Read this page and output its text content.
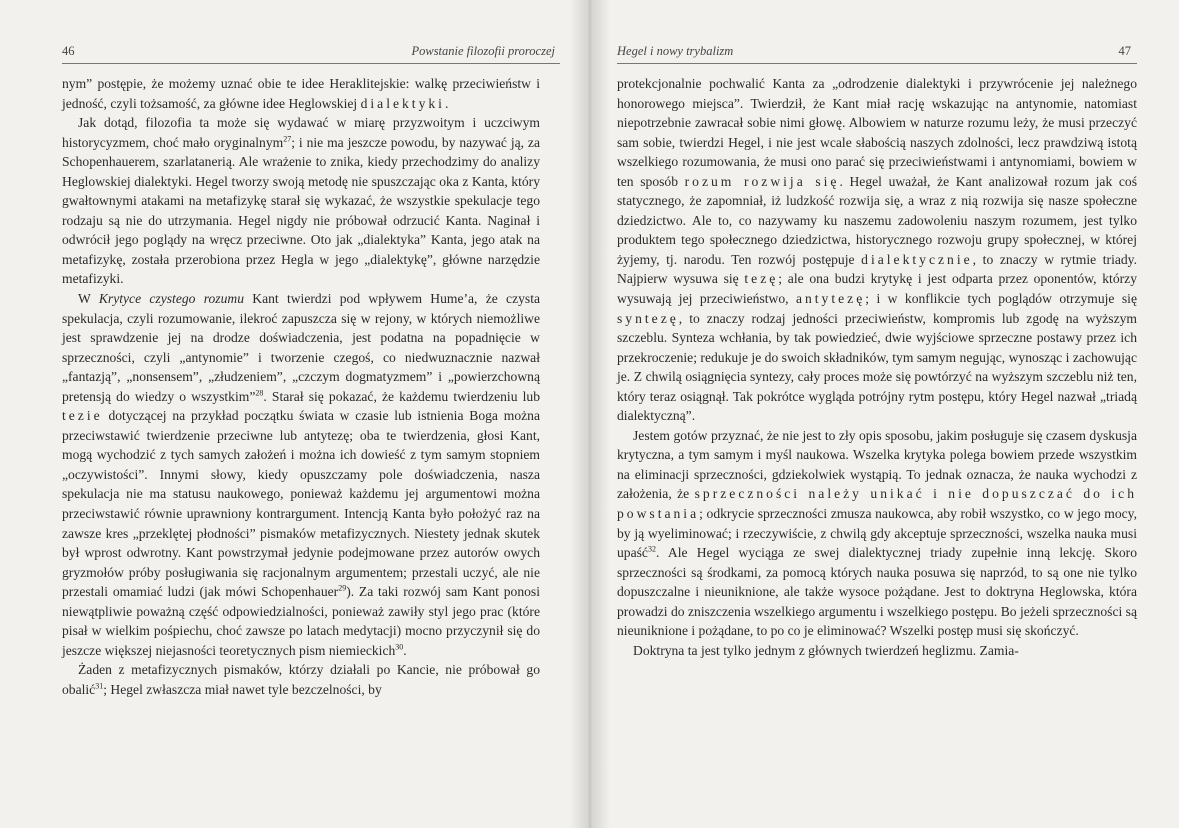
46	Powstanie filozofii proroczej

nym” postępie, że możemy uznać obie te idee Heraklitejskie: walkę przeciwieństw i jedność, czyli tożsamość, za główne idee Heglowskiej dialektyki.

Jak dotąd, filozofia ta może się wydawać w miarę przyzwoitym i uczciwym historycyzmem, choć mało oryginalnym$^{27}$; i nie ma jeszcze powodu, by nazywać ją, za Schopenhauerem, szarlatanerią. Ale wrażenie to znika, kiedy przechodzimy do analizy Heglowskiej dialektyki. Hegel tworzy swoją metodę nie spuszczając oka z Kanta, który gwałtownymi atakami na metafizykę starał się wykazać, że wszystkie spekulacje tego rodzaju są nie do utrzymania. Hegel nigdy nie próbował odrzucić Kanta. Naginał i odwrócił jego poglądy na wręcz przeciwne. Oto jak „dialektyka” Kanta, jego atak na metafizykę, została przerobiona przez Hegla w jego „dialektykę”, główne narzędzie metafizyki.

W Krytyce czystego rozumu Kant twierdzi pod wpływem Hume’a, że czysta spekulacja, czyli rozumowanie, ilekroć zapuszcza się w rejony, w których niemożliwe jest sprawdzenie jej na drodze doświadczenia, jest podatna na popadnięcie w sprzeczności, czyli „antynomie” i tworzenie czegoś, co niedwuznacznie nazwał „fantazją”, „nonsensem”, „złudzeniem”, „czczym dogmatyzmem” i „powierzchowną pretensją do wiedzy o wszystkim”$^{28}$. Starał się pokazać, że każdemu twierdzeniu lub tezie dotyczącej na przykład początku świata w czasie lub istnienia Boga można przeciwstawić twierdzenie przeciwne lub antytezę; oba te twierdzenia, głosi Kant, mogą wychodzić z tych samych założeń i można ich dowieść z tym samym stopniem „oczywistości”. Innymi słowy, kiedy opuszczamy pole doświadczenia, nasza spekulacja nie ma statusu naukowego, ponieważ każdemu jej argumentowi można przeciwstawić równie uprawniony kontrargument. Intencją Kanta było położyć raz na zawsze kres „przeklętej płodności” pismaków metafizycznych. Niestety jednak skutek był wprost odwrotny. Kant powstrzymał jedynie podejmowane przez autorów owych gryzmołów próby posługiwania się racjonalnym argumentem; przestali uczyć, ale nie przestali omamiać ludzi (jak mówi Schopenhauer$^{29}$). Za taki rozwój sam Kant ponosi niewątpliwie poważną część odpowiedzialności, ponieważ zawiły styl jego prac (które pisał w wielkim pośpiechu, choć zawsze po latach medytacji) mocno przyczynił się do jeszcze większej niejasności teoretycznych pism niemieckich$^{30}$.

Żaden z metafizycznych pismaków, którzy działali po Kancie, nie próbował go obalić$^{31}$; Hegel zwłaszcza miał nawet tyle bezczelności, by

Hegel i nowy trybalizm	47

protekcjonalnie pochwalić Kanta za „odrodzenie dialektyki i przywrócenie jej należnego honorowego miejsca”. Twierdził, że Kant miał rację wskazując na antynomie, natomiast niepotrzebnie zawracał sobie nimi głowę. Albowiem w naturze rozumu leży, że musi przeczyć sam sobie, twierdzi Hegel, i nie jest wcale słabością naszych zdolności, lecz prawdziwą istotą wszelkiego rozumowania, że musi ono parać się przeciwieństwami i antynomiami, bowiem w ten sposób rozum rozwija się. Hegel uważał, że Kant analizował rozum jak coś statycznego, że zapomniał, iż ludzkość rozwija się, a wraz z nią rozwija się nasze społeczne dziedzictwo. Ale to, co nazywamy ku naszemu zadowoleniu naszym rozumem, jest tylko produktem tego społecznego dziedzictwa, historycznego rozwoju grupy społecznej, w której żyjemy, tj. narodu. Ten rozwój postępuje dialektycznie, to znaczy w rytmie triady. Najpierw wysuwa się tezę; ale ona budzi krytykę i jest odparta przez oponentów, którzy wysuwają jej przeciwieństwo, antytezę; i w konflikcie tych poglądów otrzymuje się syntezę, to znaczy rodzaj jedności przeciwieństw, kompromis lub zgodę na wyższym szczeblu. Synteza wchłania, by tak powiedzieć, dwie wyjściowe sprzeczne postawy przez ich przekroczenie; redukuje je do swoich składników, tym samym negując, wynosząc i zachowując je. Z chwilą osiągnięcia syntezy, cały proces może się powtórzyć na wyższym szczeblu niż ten, który teraz osiągnął. Tak pokrótce wygląda potrójny rytm postępu, który Hegel nazwał „triadą dialektyczną”.

Jestem gotów przyznać, że nie jest to zły opis sposobu, jakim posługuje się czasem dyskusja krytyczna, a tym samym i myśl naukowa. Wszelka krytyka polega bowiem przede wszystkim na eliminacji sprzeczności, gdziekolwiek wystąpią. To jednak oznacza, że nauka wychodzi z założenia, że sprzeczności należy unikać i nie dopuszczać do ich powstania; odkrycie sprzeczności zmusza naukowca, aby robił wszystko, co w jego mocy, by ją wyeliminować; i rzeczywiście, z chwilą gdy akceptuje sprzeczności, wszelka nauka musi upaść$^{32}$. Ale Hegel wyciąga ze swej dialektycznej triady zupełnie inną lekcję. Skoro sprzeczności są środkami, za pomocą których nauka posuwa się naprzód, to są one nie tylko dopuszczalne i nieuniknione, ale także wysoce pożądane. Jest to doktryna Heglowska, która prowadzi do zniszczenia wszelkiego argumentu i wszelkiego postępu. Bo jeżeli sprzeczności są nieuniknione i pożądane, to po co je eliminować? Wszelki postęp musi się skończyć.

Doktryna ta jest tylko jednym z głównych twierdzeń heglizmu. Zamia-
